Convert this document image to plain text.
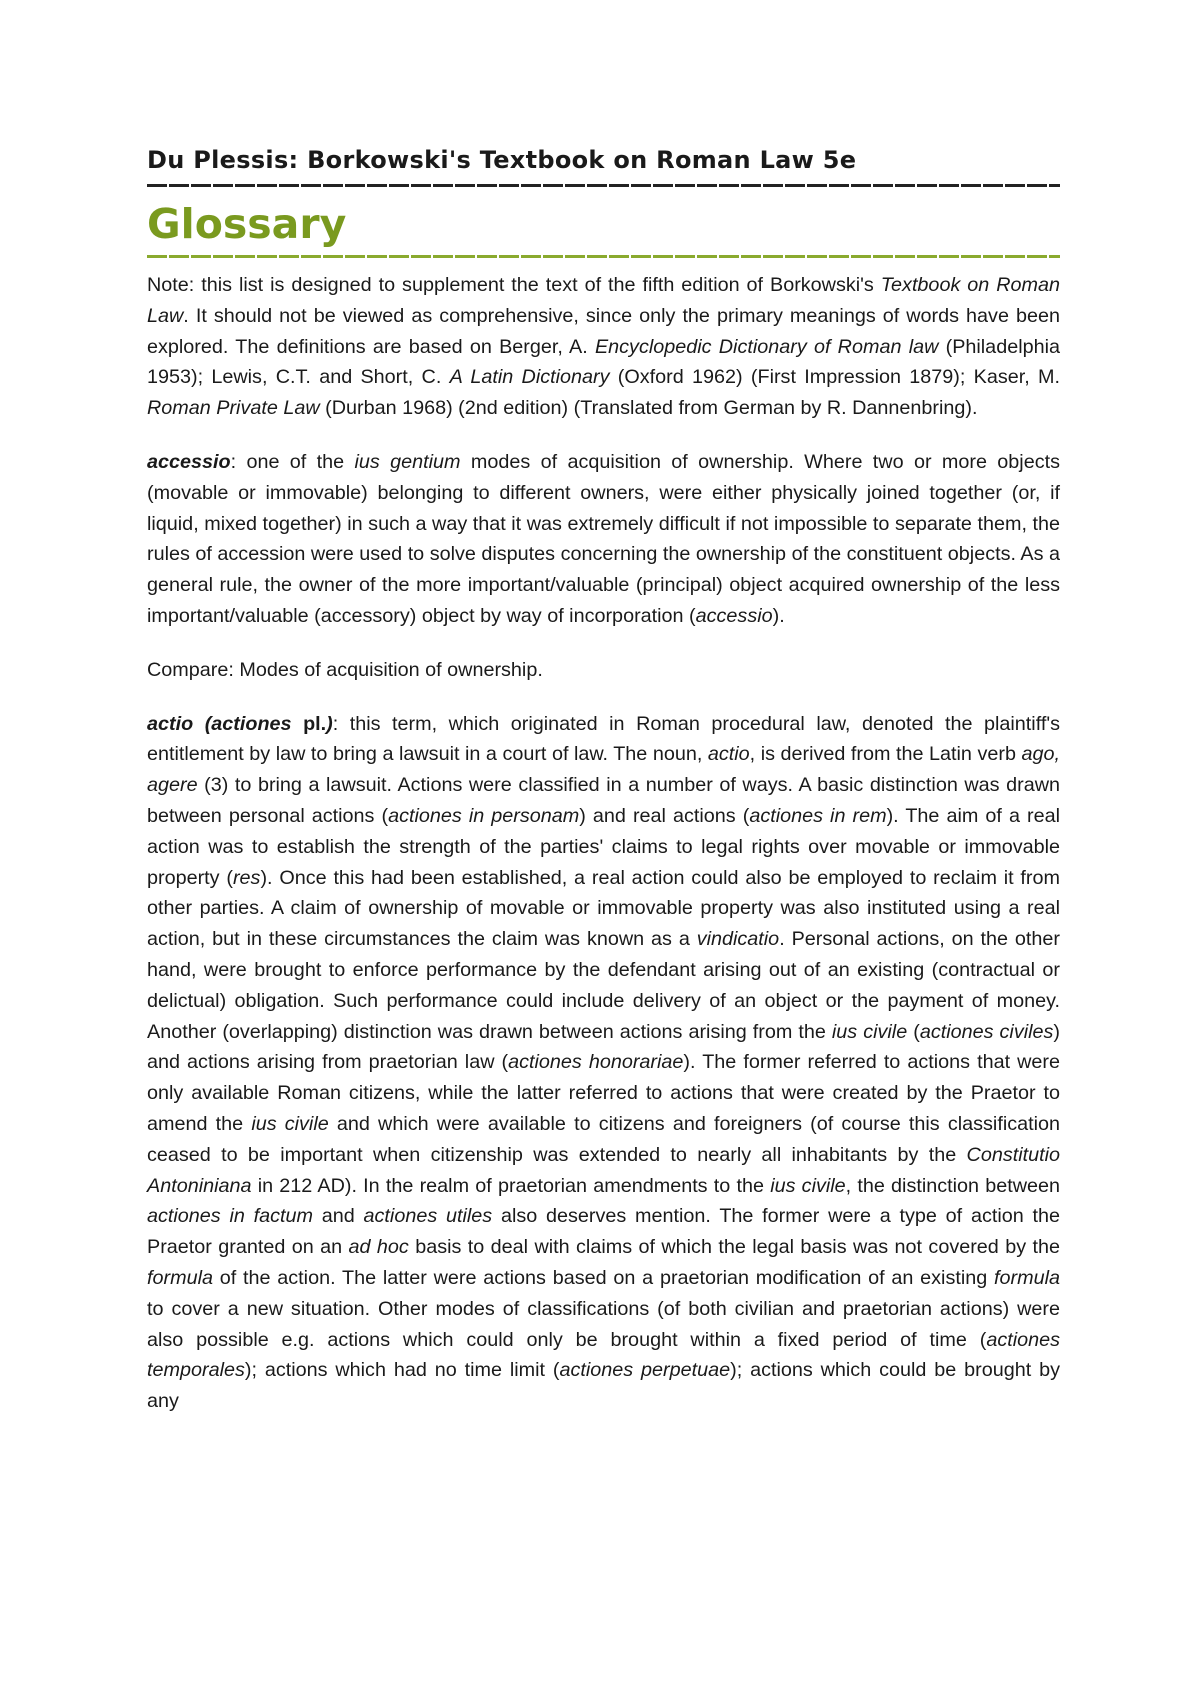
Du Plessis: Borkowski's Textbook on Roman Law 5e
Glossary

Note: this list is designed to supplement the text of the fifth edition of Borkowski's Textbook on Roman Law. It should not be viewed as comprehensive, since only the primary meanings of words have been explored. The definitions are based on Berger, A. Encyclopedic Dictionary of Roman law (Philadelphia 1953); Lewis, C.T. and Short, C. A Latin Dictionary (Oxford 1962) (First Impression 1879); Kaser, M. Roman Private Law (Durban 1968) (2nd edition) (Translated from German by R. Dannenbring).

accessio: one of the ius gentium modes of acquisition of ownership. Where two or more objects (movable or immovable) belonging to different owners, were either physically joined together (or, if liquid, mixed together) in such a way that it was extremely difficult if not impossible to separate them, the rules of accession were used to solve disputes concerning the ownership of the constituent objects. As a general rule, the owner of the more important/valuable (principal) object acquired ownership of the less important/valuable (accessory) object by way of incorporation (accessio).

Compare: Modes of acquisition of ownership.

actio (actiones pl.): this term, which originated in Roman procedural law, denoted the plaintiff's entitlement by law to bring a lawsuit in a court of law. The noun, actio, is derived from the Latin verb ago, agere (3) to bring a lawsuit. Actions were classified in a number of ways. A basic distinction was drawn between personal actions (actiones in personam) and real actions (actiones in rem). The aim of a real action was to establish the strength of the parties' claims to legal rights over movable or immovable property (res). Once this had been established, a real action could also be employed to reclaim it from other parties. A claim of ownership of movable or immovable property was also instituted using a real action, but in these circumstances the claim was known as a vindicatio. Personal actions, on the other hand, were brought to enforce performance by the defendant arising out of an existing (contractual or delictual) obligation. Such performance could include delivery of an object or the payment of money. Another (overlapping) distinction was drawn between actions arising from the ius civile (actiones civiles) and actions arising from praetorian law (actiones honorariae). The former referred to actions that were only available Roman citizens, while the latter referred to actions that were created by the Praetor to amend the ius civile and which were available to citizens and foreigners (of course this classification ceased to be important when citizenship was extended to nearly all inhabitants by the Constitutio Antoniniana in 212 AD). In the realm of praetorian amendments to the ius civile, the distinction between actiones in factum and actiones utiles also deserves mention. The former were a type of action the Praetor granted on an ad hoc basis to deal with claims of which the legal basis was not covered by the formula of the action. The latter were actions based on a praetorian modification of an existing formula to cover a new situation. Other modes of classifications (of both civilian and praetorian actions) were also possible e.g. actions which could only be brought within a fixed period of time (actiones temporales); actions which had no time limit (actiones perpetuae); actions which could be brought by any
